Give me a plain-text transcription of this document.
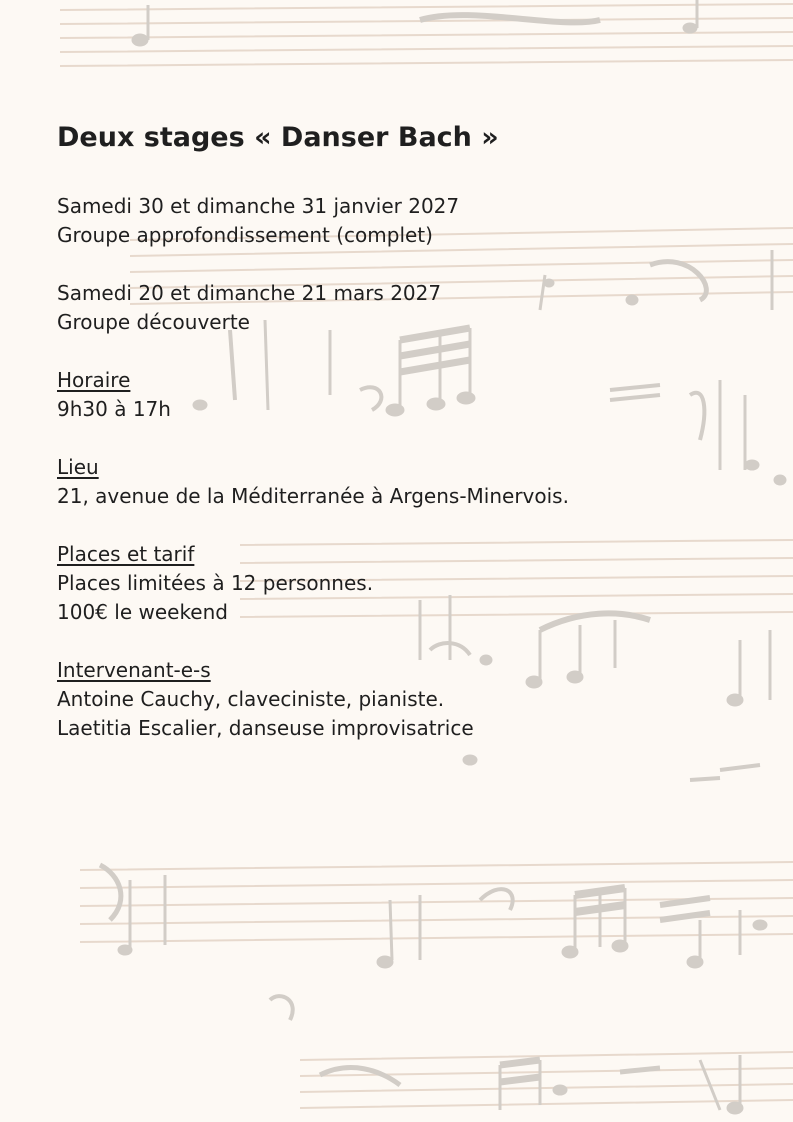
Deux stages « Danser Bach »
Samedi 30 et dimanche 31 janvier 2027
Groupe approfondissement (complet)
Samedi 20 et dimanche 21 mars 2027
Groupe découverte
Horaire
9h30 à 17h
Lieu
21, avenue de la Méditerranée à Argens-Minervois.
Places et tarif
Places limitées à 12 personnes.
100€ le weekend
Intervenant-e-s
Antoine Cauchy, claveciniste, pianiste.
Laetitia Escalier, danseuse improvisatrice
